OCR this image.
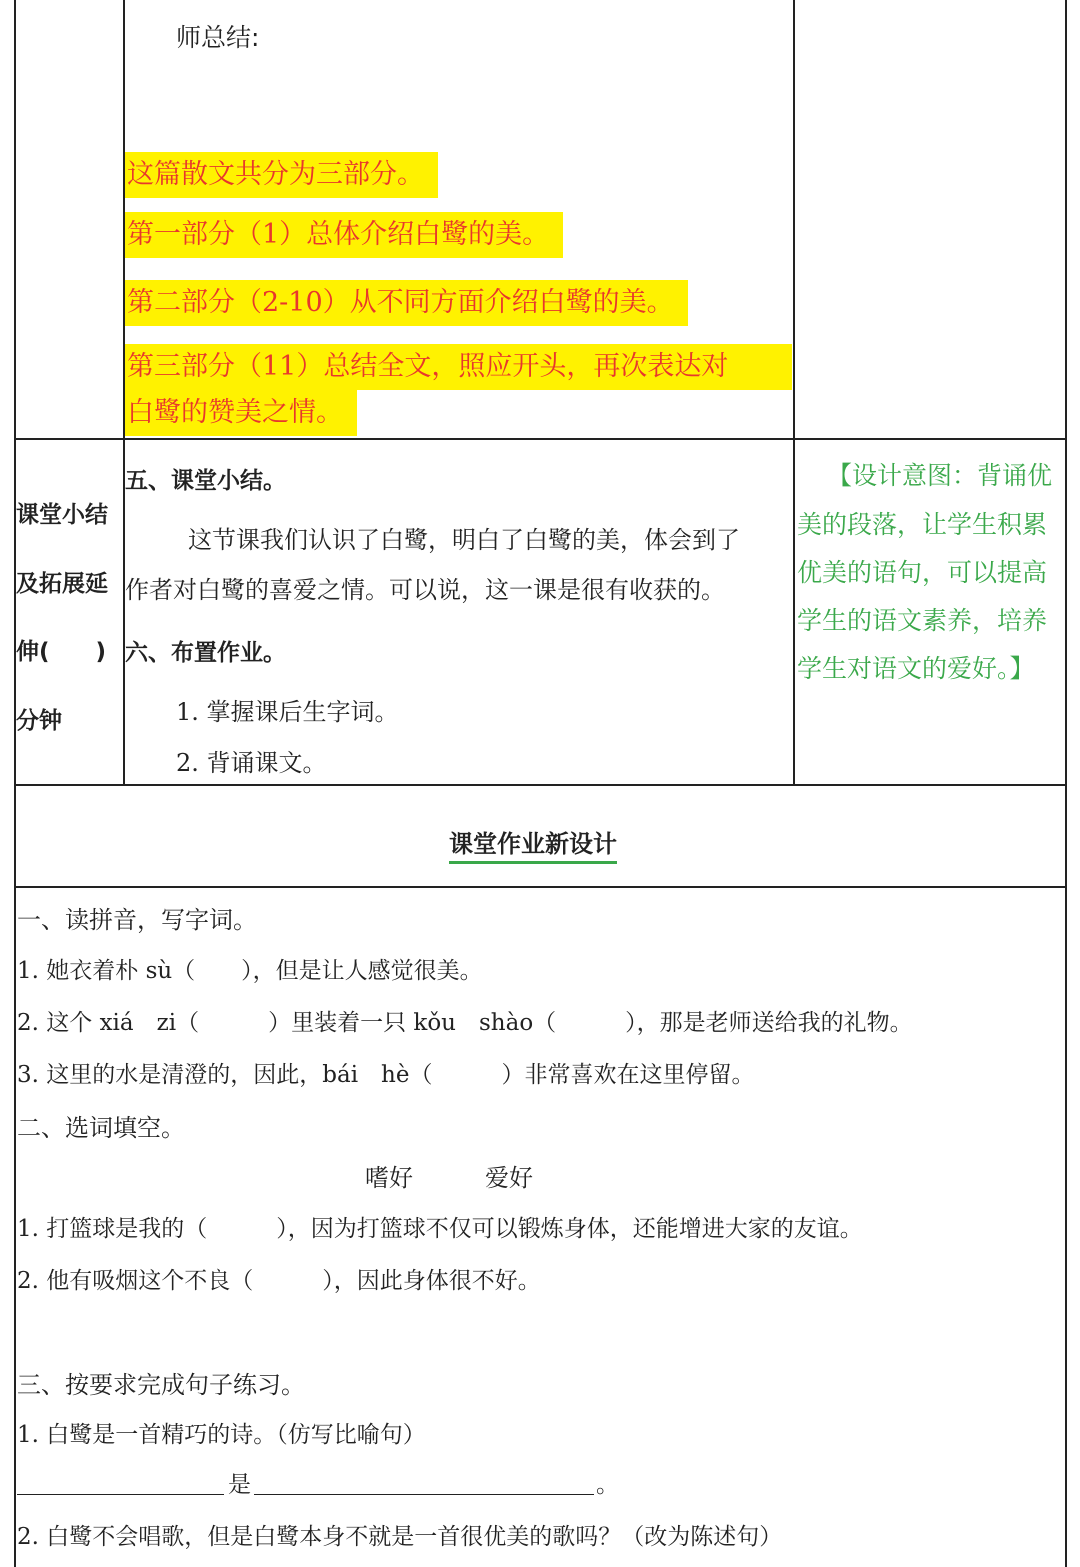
师总结:
这篇散文共分为三部分。
第一部分（1）总体介绍白鹭的美。
第二部分（2-10）从不同方面介绍白鹭的美。
第三部分（11）总结全文，照应开头，再次表达对
白鹭的赞美之情。
课堂小结
及拓展延
伸(　　)
分钟
五、课堂小结。
这节课我们认识了白鹭，明白了白鹭的美，体会到了
作者对白鹭的喜爱之情。可以说，这一课是很有收获的。
六、布置作业。
1. 掌握课后生字词。
2. 背诵课文。
【设计意图：背诵优
美的段落，让学生积累
优美的语句，可以提高
学生的语文素养，培养
学生对语文的爱好。】
课堂作业新设计
一、读拼音，写字词。
1. 她衣着朴 sù（　　），但是让人感觉很美。
2. 这个 xiá　zi（　　　）里装着一只 kǒu　shào（　　　），那是老师送给我的礼物。
3. 这里的水是清澄的，因此，bái　hè（　　　）非常喜欢在这里停留。
二、选词填空。
嗜好　　　爱好
1. 打篮球是我的（　　　），因为打篮球不仅可以锻炼身体，还能增进大家的友谊。
2. 他有吸烟这个不良（　　　），因此身体很不好。
三、按要求完成句子练习。
1. 白鹭是一首精巧的诗。（仿写比喻句）
是	。
2. 白鹭不会唱歌，但是白鹭本身不就是一首很优美的歌吗？（改为陈述句）
